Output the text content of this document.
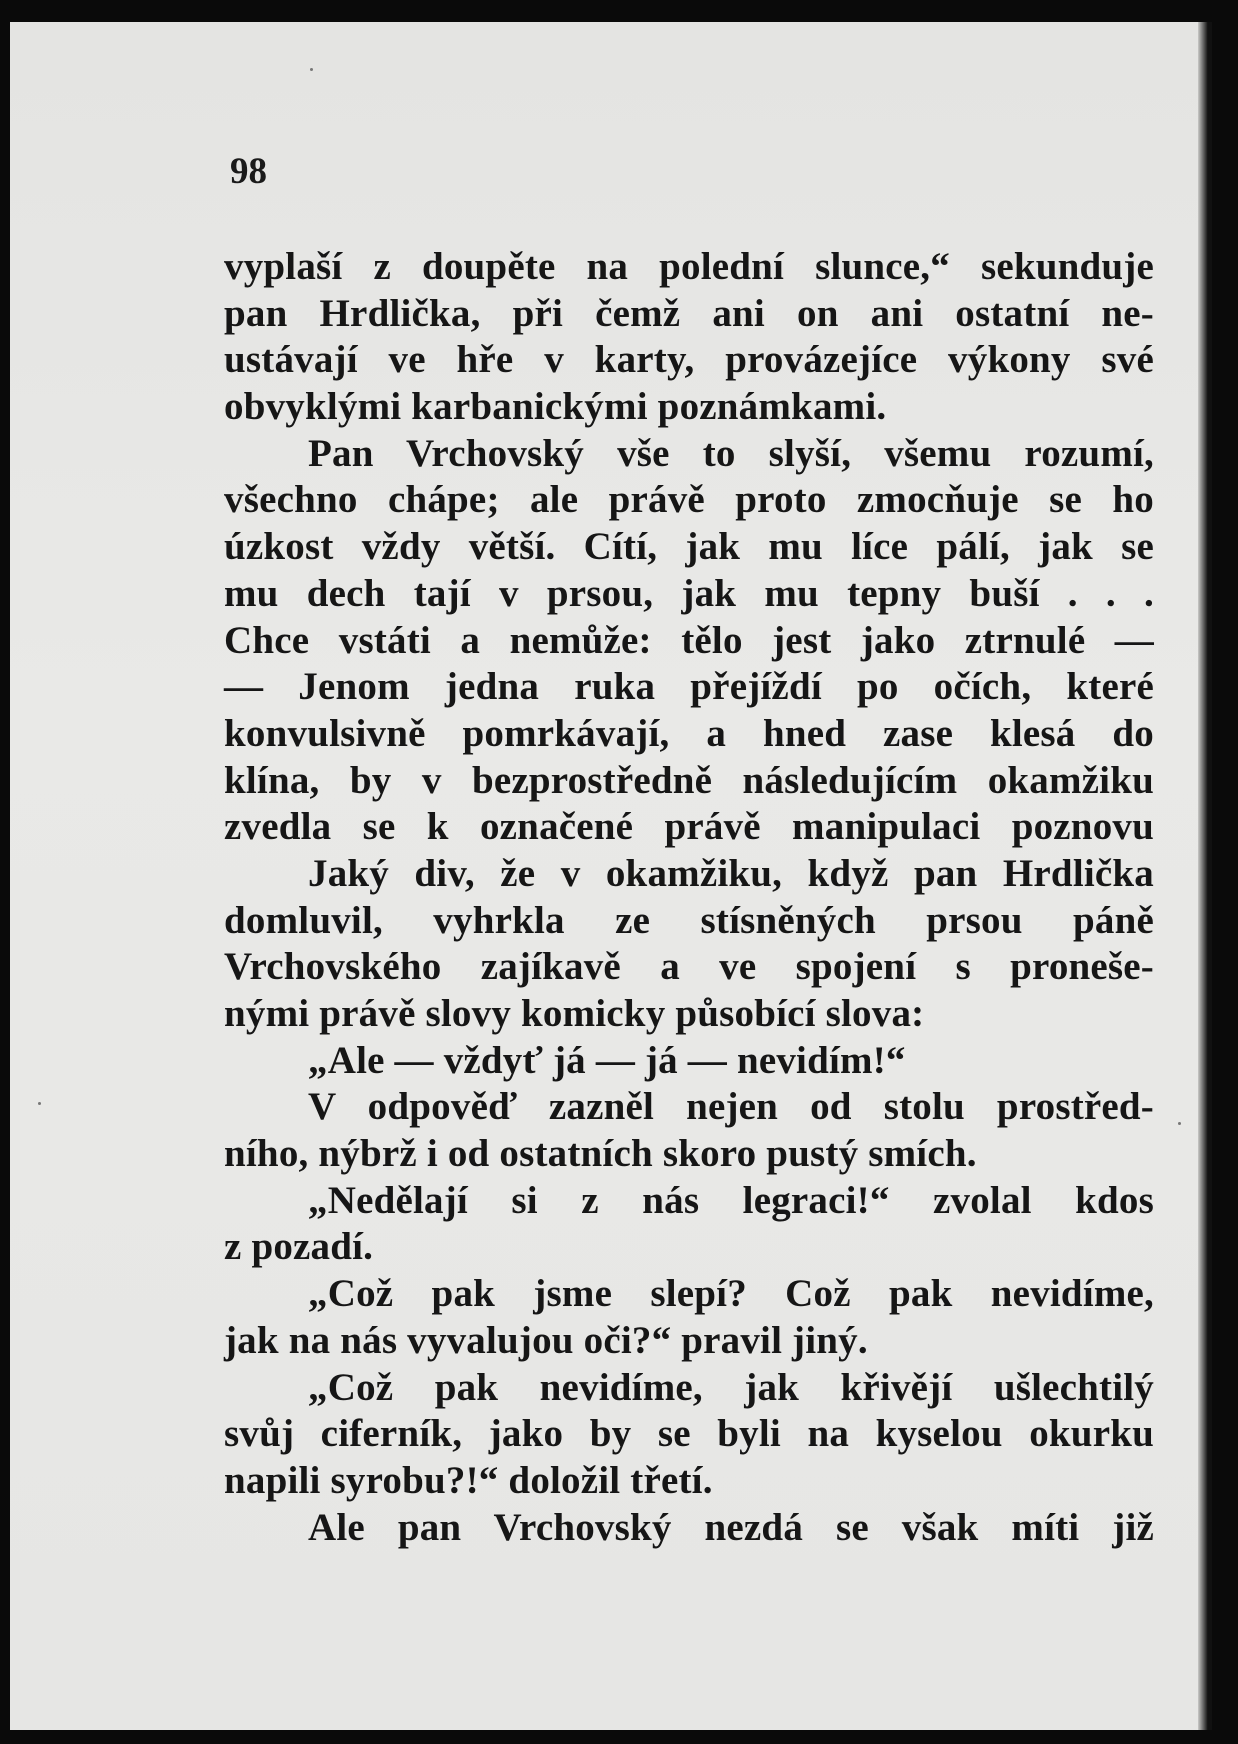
98
vyplaší z doupěte na polední slunce,“ sekunduje
pan Hrdlička, při čemž ani on ani ostatní ne-
ustávají ve hře v karty, provázejíce výkony své
obvyklými karbanickými poznámkami.
Pan Vrchovský vše to slyší, všemu rozumí,
všechno chápe; ale právě proto zmocňuje se ho
úzkost vždy větší. Cítí, jak mu líce pálí, jak se
mu dech tají v prsou, jak mu tepny buší . . .
Chce vstáti a nemůže: tělo jest jako ztrnulé —
— Jenom jedna ruka přejíždí po očích, které
konvulsivně pomrkávají, a hned zase klesá do
klína, by v bezprostředně následujícím okamžiku
zvedla se k označené právě manipulaci poznovu
Jaký div, že v okamžiku, když pan Hrdlička
domluvil, vyhrkla ze stísněných prsou páně
Vrchovského zajíkavě a ve spojení s proneše-
nými právě slovy komicky působící slova:
„Ale — vždyť já — já — nevidím!“
V odpověď zazněl nejen od stolu prostřed-
ního, nýbrž i od ostatních skoro pustý smích.
„Nedělají si z nás legraci!“ zvolal kdos
z pozadí.
„Což pak jsme slepí? Což pak nevidíme,
jak na nás vyvalujou oči?“ pravil jiný.
„Což pak nevidíme, jak křivějí ušlechtilý
svůj ciferník, jako by se byli na kyselou okurku
napili syrobu?!“ doložil třetí.
Ale pan Vrchovský nezdá se však míti již
